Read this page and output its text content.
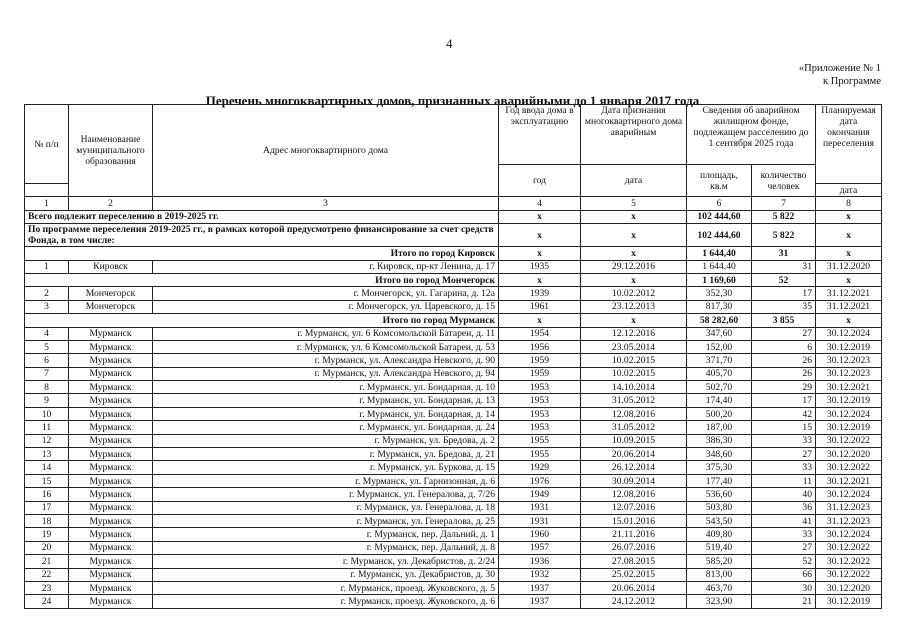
4
«Приложение № 1
к Программе
Перечень многоквартирных домов, признанных аварийными до 1 января 2017 года
№ п/п	Наименование муниципального образования	Адрес многоквартирного дома	Год ввода дома в эксплуатацию	Дата признания многоквартирного дома аварийным	Сведения об аварийном жилищном фонде, подлежащем расселению до 1 сентября 2025 года		Планируемая дата окончания переселения
			год	дата	площадь, кв.м	количество человек	
							дата
1	2	3	4	5	6	7	8
Всего подлежит переселению в 2019-2025 гг.			x	x	102 444,60	5 822	x
По программе переселения 2019-2025 гг., в рамках которой предусмотрено финансирование за счет средств Фонда, в том числе:			x	x	102 444,60	5 822	x
Итого по город Кировск			x	x	1 644,40	31	x
1	Кировск	г. Кировск, пр-кт Ленина, д. 17	1935	29.12.2016	1 644,40	31	31.12.2020
Итого по город Мончегорск			x	x	1 169,60	52	x
2	Мончегорск	г. Мончегорск, ул. Гагарина, д. 12а	1939	10.02.2012	352,30	17	31.12.2021
3	Мончегорск	г. Мончегорск, ул. Царевского, д. 15	1961	23.12.2013	817,30	35	31.12.2021
Итого по город Мурманск			x	x	58 282,60	3 855	x
4	Мурманск	г. Мурманск, ул. 6 Комсомольской Батареи, д. 11	1954	12.12.2016	347,60	27	30.12.2024
5	Мурманск	г. Мурманск, ул. 6 Комсомольской Батареи, д. 53	1956	23.05.2014	152,00	6	30.12.2019
6	Мурманск	г. Мурманск, ул. Александра Невского, д. 90	1959	10.02.2015	371,70	26	30.12.2023
7	Мурманск	г. Мурманск, ул. Александра Невского, д. 94	1959	10.02.2015	405,70	26	30.12.2023
8	Мурманск	г. Мурманск, ул. Бондарная, д. 10	1953	14.10.2014	502,70	29	30.12.2021
9	Мурманск	г. Мурманск, ул. Бондарная, д. 13	1953	31.05.2012	174,40	17	30.12.2019
10	Мурманск	г. Мурманск, ул. Бондарная, д. 14	1953	12.08.2016	500,20	42	30.12.2024
11	Мурманск	г. Мурманск, ул. Бондарная, д. 24	1953	31.05.2012	187,00	15	30.12.2019
12	Мурманск	г. Мурманск, ул. Бредова, д. 2	1955	10.09.2015	386,30	33	30.12.2022
13	Мурманск	г. Мурманск, ул. Бредова, д. 21	1955	20.06.2014	348,60	27	30.12.2020
14	Мурманск	г. Мурманск, ул. Буркова, д. 15	1929	26.12.2014	375,30	33	30.12.2022
15	Мурманск	г. Мурманск, ул. Гарнизонная, д. 6	1976	30.09.2014	177,40	11	30.12.2021
16	Мурманск	г. Мурманск, ул. Генералова, д. 7/26	1949	12.08.2016	536,60	40	30.12.2024
17	Мурманск	г. Мурманск, ул. Генералова, д. 18	1931	12.07.2016	503,80	36	31.12.2023
18	Мурманск	г. Мурманск, ул. Генералова, д. 25	1931	15.01.2016	543,50	41	31.12.2023
19	Мурманск	г. Мурманск, пер. Дальний, д. 1	1960	21.11.2016	409,80	33	30.12.2024
20	Мурманск	г. Мурманск, пер. Дальний, д. 8	1957	26.07.2016	519,40	27	30.12.2022
21	Мурманск	г. Мурманск, ул. Декабристов, д. 2/24	1936	27.08.2015	585,20	52	30.12.2022
22	Мурманск	г. Мурманск, ул. Декабристов, д. 30	1932	25.02.2015	813,00	66	30.12.2022
23	Мурманск	г. Мурманск, проезд. Жуковского, д. 5	1937	20.06.2014	463,70	30	30.12.2020
24	Мурманск	г. Мурманск, проезд. Жуковского, д. 6	1937	24.12.2012	323,90	21	30.12.2019
